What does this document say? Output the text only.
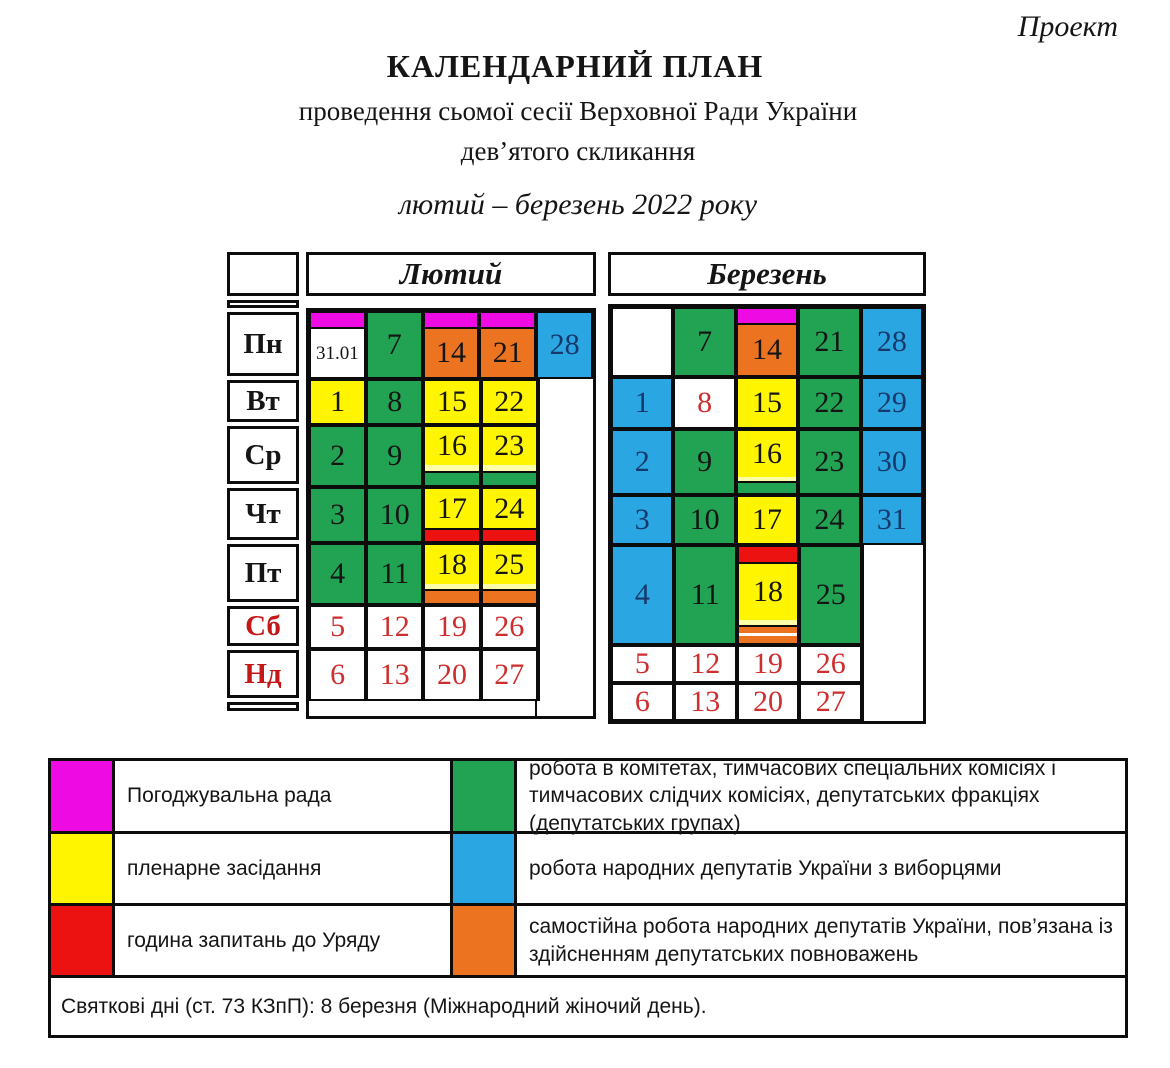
Проект
КАЛЕНДАРНИЙ ПЛАН
проведення сьомої сесії Верховної Ради України
дев’ятого скликання
лютий – березень 2022 року
Пн
Вт
Ср
Чт
Пт
Сб
Нд
Лютий
31.01 7 14 21 28
1 8 15 22
2 9 16 23
3 10 17 24
4 11 18 25
5 12 19 26
6 13 20 27
Березень
7 14 21 28
1 8 15 22 29
2 9 16 23 30
3 10 17 24 31
4 11 18 25
5 12 19 26
6 13 20 27
Погоджувальна рада
робота в комітетах, тимчасових спеціальних комісіях і тимчасових слідчих комісіях, депутатських фракціях (депутатських групах)
пленарне засідання	робота народних депутатів України з виборцями
година запитань до Уряду
самостійна робота народних депутатів України, пов’язана із здійсненням депутатських повноважень
Святкові дні (ст. 73 КЗпП): 8 березня (Міжнародний жіночий день).
